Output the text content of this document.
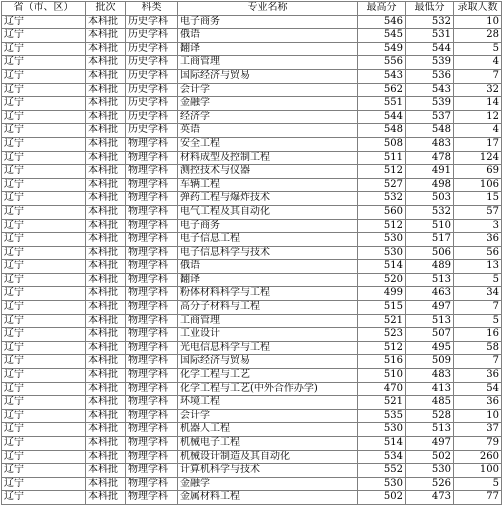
省（市、区）	批次	科类	专业名称	最高分	最低分	录取人数
辽宁	本科批	历史学科	电子商务	546	532	10
辽宁	本科批	历史学科	俄语	545	531	28
辽宁	本科批	历史学科	翻译	549	544	5
辽宁	本科批	历史学科	工商管理	556	539	4
辽宁	本科批	历史学科	国际经济与贸易	543	536	7
辽宁	本科批	历史学科	会计学	562	543	32
辽宁	本科批	历史学科	金融学	551	539	14
辽宁	本科批	历史学科	经济学	544	537	12
辽宁	本科批	历史学科	英语	548	548	4
辽宁	本科批	物理学科	安全工程	508	483	17
辽宁	本科批	物理学科	材料成型及控制工程	511	478	124
辽宁	本科批	物理学科	测控技术与仪器	512	491	69
辽宁	本科批	物理学科	车辆工程	527	498	106
辽宁	本科批	物理学科	弹药工程与爆炸技术	532	503	15
辽宁	本科批	物理学科	电气工程及其自动化	560	532	57
辽宁	本科批	物理学科	电子商务	512	510	3
辽宁	本科批	物理学科	电子信息工程	530	517	36
辽宁	本科批	物理学科	电子信息科学与技术	530	506	56
辽宁	本科批	物理学科	俄语	514	489	13
辽宁	本科批	物理学科	翻译	520	513	5
辽宁	本科批	物理学科	粉体材料科学与工程	499	463	34
辽宁	本科批	物理学科	高分子材料与工程	515	497	7
辽宁	本科批	物理学科	工商管理	521	513	5
辽宁	本科批	物理学科	工业设计	523	507	16
辽宁	本科批	物理学科	光电信息科学与工程	512	495	58
辽宁	本科批	物理学科	国际经济与贸易	516	509	7
辽宁	本科批	物理学科	化学工程与工艺	510	483	36
辽宁	本科批	物理学科	化学工程与工艺(中外合作办学)	470	413	54
辽宁	本科批	物理学科	环境工程	521	485	36
辽宁	本科批	物理学科	会计学	535	528	10
辽宁	本科批	物理学科	机器人工程	530	513	37
辽宁	本科批	物理学科	机械电子工程	514	497	79
辽宁	本科批	物理学科	机械设计制造及其自动化	534	502	260
辽宁	本科批	物理学科	计算机科学与技术	552	530	100
辽宁	本科批	物理学科	金融学	530	526	5
辽宁	本科批	物理学科	金属材料工程	502	473	77
